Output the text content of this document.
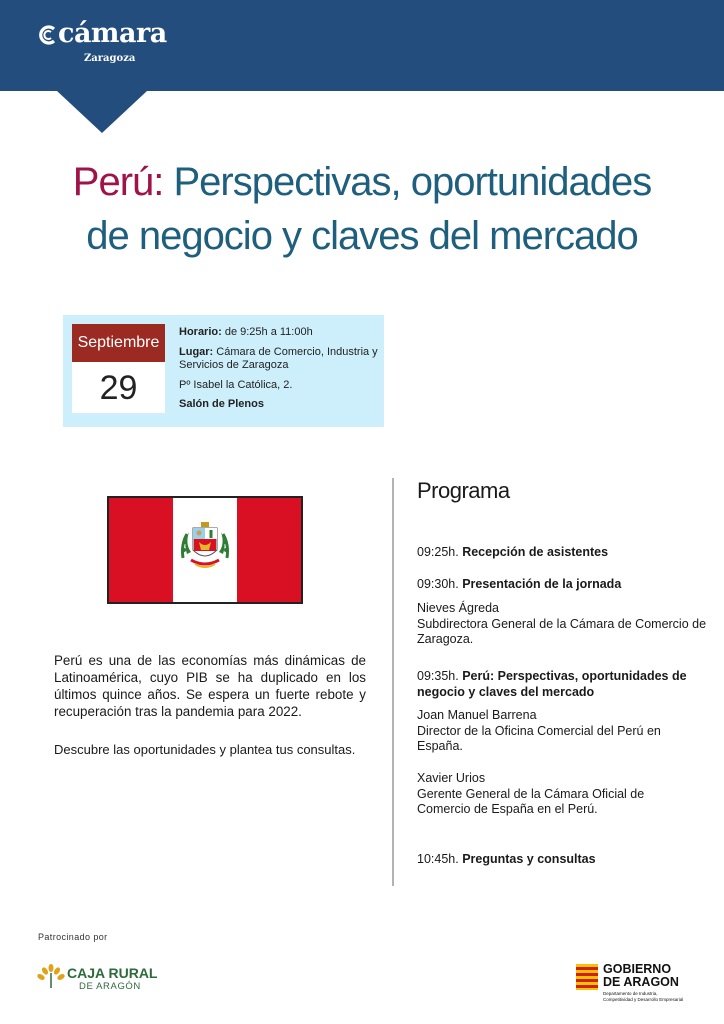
cámara
Zaragoza
Perú: Perspectivas, oportunidades
de negocio y claves del mercado
Septiembre
29

Horario: de 9:25h a 11:00h

Lugar: Cámara de Comercio, Industria y Servicios de Zaragoza

Pº Isabel la Católica, 2.

Salón de Plenos

Perú es una de las economías más dinámicas de Latinoamérica, cuyo PIB se ha duplicado en los últimos quince años. Se espera un fuerte rebote y recuperación tras la pandemia para 2022.

Descubre las oportunidades y plantea tus consultas.
Programa
09:25h. Recepción de asistentes
09:30h. Presentación de la jornada
Nieves Ágreda
Subdirectora General de la Cámara de Comercio de Zaragoza.
09:35h. Perú: Perspectivas, oportunidades de negocio y claves del mercado
Joan Manuel Barrena
Director de la Oficina Comercial del Perú en España.
Xavier Urios
Gerente General de la Cámara Oficial de Comercio de España en el Perú.
10:45h. Preguntas y consultas
Patrocinado por
CAJA RURAL
DE ARAGÓN
GOBIERNO
DE ARAGON
Departamento de Industria,
Competitividad y Desarrollo Empresarial
